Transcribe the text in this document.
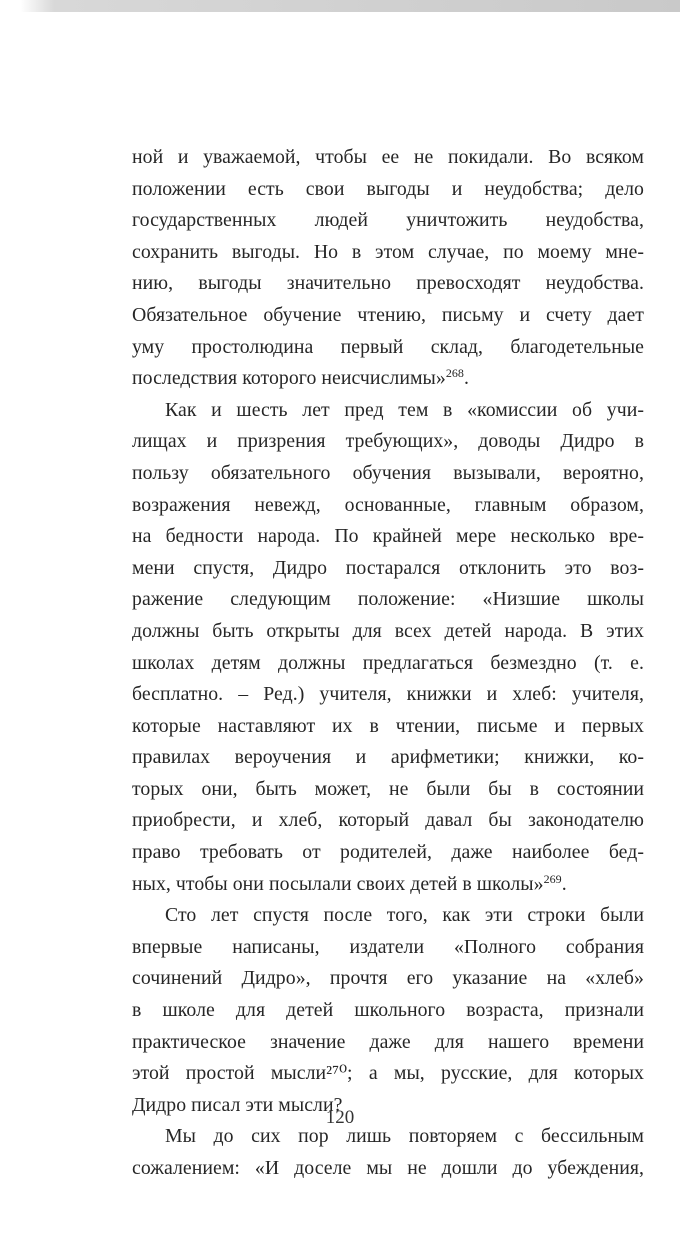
ной и уважаемой, чтобы ее не покидали. Во всяком
положении есть свои выгоды и неудобства; дело
государственных людей уничтожить неудобства,
сохранить выгоды. Но в этом случае, по моему мне-
нию, выгоды значительно превосходят неудобства.
Обязательное обучение чтению, письму и счету дает
уму простолюдина первый склад, благодетельные
последствия которого неисчислимы»$^{268}$.

Как и шесть лет пред тем в «комиссии об учи-
лищах и призрения требующих», доводы Дидро в
пользу обязательного обучения вызывали, вероятно,
возражения невежд, основанные, главным образом,
на бедности народа. По крайней мере несколько вре-
мени спустя, Дидро постарался отклонить это воз-
ражение следующим положение: «Низшие школы
должны быть открыты для всех детей народа. В этих
школах детям должны предлагаться безмездно (т. е.
бесплатно. – Ред.) учителя, книжки и хлеб: учителя,
которые наставляют их в чтении, письме и первых
правилах вероучения и арифметики; книжки, ко-
торых они, быть может, не были бы в состоянии
приобрести, и хлеб, который давал бы законодателю
право требовать от родителей, даже наиболее бед-
ных, чтобы они посылали своих детей в школы»$^{269}$.

Сто лет спустя после того, как эти строки были
впервые написаны, издатели «Полного собрания
сочинений Дидро», прочтя его указание на «хлеб»
в школе для детей школьного возраста, признали
практическое значение даже для нашего времени
этой простой мысли²⁷⁰; а мы, русские, для которых
Дидро писал эти мысли?

Мы до сих пор лишь повторяем с бессильным
сожалением: «И доселе мы не дошли до убеждения,

120
